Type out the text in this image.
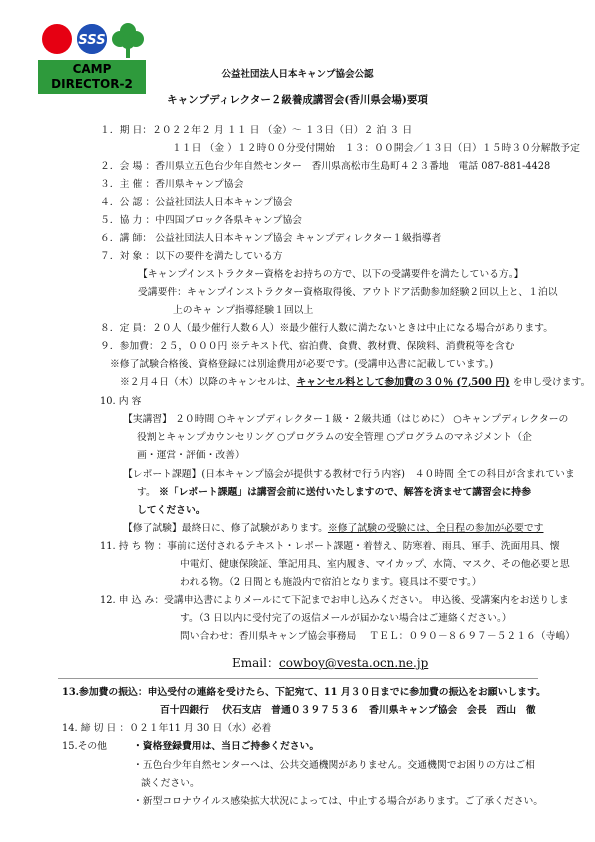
SSS
CAMP
DIRECTOR-2
公益社団法人日本キャンプ協会公認
キャンプディレクター２級養成講習会(香川県会場)要項
１．期 日：２０２２年２ 月 １１ 日 （金）～ １３日（日）２ 泊 ３ 日
１１日 （金 ）１２時００分受付開始　１３：００開会／１３日（日）１５時３０分解散予定
２．会 場 ：香川県立五色台少年自然センター　香川県高松市生島町４２３番地　電話 087-881-4428
３．主 催 ：香川県キャンプ協会
４．公 認 ：公益社団法人日本キャンプ協会
５．協 力 ：中四国ブロック各県キャンプ協会
６．講 師： 公益社団法人日本キャンプ協会 キャンプディレクター１級指導者
７．対 象 ：以下の要件を満たしている方
【キャンプインストラクター資格をお持ちの方で、以下の受講要件を満たしている方。】
受講要件：キャンプインストラクター資格取得後、アウトドア活動参加経験２回以上と、１泊以
上のキャ ンプ指導経験１回以上
８．定 員：２０人（最少催行人数６人）※最少催行人数に満たないときは中止になる場合があります。
９．参加費：２５，０００円 ※テキスト代、宿泊費、食費、教材費、保険料、消費税等を含む
※修了試験合格後、資格登録には別途費用が必要です。(受講申込書に記載しています。)
※２月４日（木）以降のキャンセルは、キャンセル料として参加費の３０％ (7,500 円) を申し受けます。
10. 内 容
【実講習】 ２０時間 ○キャンプディレクター１級・２級共通（はじめに） ○キャンプディレクターの
役割とキャンプカウンセリング ○プログラムの安全管理 ○プログラムのマネジメント（企
画・運営・評価・改善）
【レポート課題】(日本キャンプ協会が提供する教材で行う内容)　４０時間 全ての科目が含まれていま
す。 ※「レポート課題」は講習会前に送付いたしますので、解答を済ませて講習会に持参
してください。
【修了試験】最終日に、修了試験があります。※修了試験の受験には、全日程の参加が必要です
11. 持 ち 物 ：事前に送付されるテキスト・レポート課題・着替え、防寒着、雨具、軍手、洗面用具、懐
中電灯、健康保険証、筆記用具、室内履き、マイカップ、水筒、マスク、その他必要と思
われる物。（2 日間とも施設内で宿泊となります。寝具は不要です。）
12. 申 込 み：受講申込書によりメールにて下記までお申し込みください。 申込後、受講案内をお送りしま
す。（3 日以内に受付完了の返信メールが届かない場合はご連絡ください。）
問い合わせ：香川県キャンプ協会事務局　 ＴＥＬ：０９０－８６９７－５２１６（寺嶋）
Email：cowboy@vesta.ocn.ne.jp
13.参加費の振込：申込受付の連絡を受けたら、下記宛て、11 月３０日までに参加費の振込をお願いします。
百十四銀行　 伏石支店　普通０３９７５３６　香川県キャンプ協会　会長　西山　徹
14. 締 切 日 ：０２１年11 月 30 日（水）必着
15.その他	・資格登録費用は、当日ご持参ください。
・五色台少年自然センターへは、公共交通機関がありません。交通機関でお困りの方はご相
談ください。
・新型コロナウイルス感染拡大状況によっては、中止する場合があります。ご了承ください。
